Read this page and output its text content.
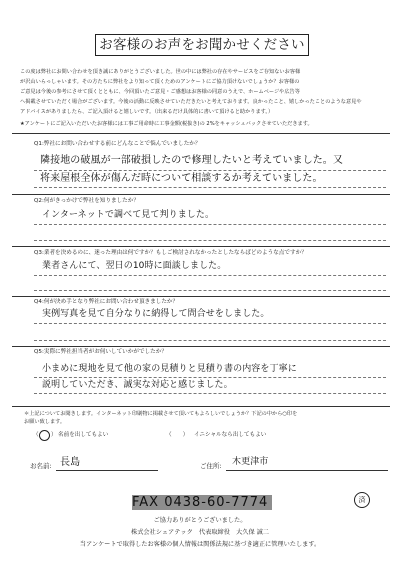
お客様のお声をお聞かせください
この度は弊社にお問い合わせを頂き誠にありがとうございました。世の中には弊社の存在やサービスをご存知ないお客様
が沢山いらっしゃいます。その方たちに弊社をより知って頂くためのアンケートにご協力頂けないでしょうか？お客様の
ご意見は今後の参考にさせて頂くとともに、今回頂いたご意見・ご感想はお客様の同意のうえで、ホームページや広告等
へ掲載させていただく場合がございます。今後の活動に反映させていただきたいと考えております。良かったこと、嬉しかったことのような意見や
アドバイスがありましたら、ご記入頂けると嬉しいです。（出来るだけ具体的に書いて頂けると助かります。）
★アンケートにご記入いただいたお客様には工事ご用命時に工事金額(税抜き)の 2%をキャッシュバックさせていただきます。
Q1:弊社にお問い合わせする前にどんなことで悩んでいましたか？
隣接地の破風が一部破損したので修理したいと考えていました。又
将来屋根全体が傷んだ時について相談するか考えていました。
Q2:何がきっかけで弊社を知りましたか？
インターネットで調べて見て判りました。
Q3:業者を決めるのに、迷った理由は何ですか？もしご検討されなかったとしたならばどのような点ですか？
業者さんにて、翌日の10時に面談しました。
Q4:何が決め手となり弊社にお問い合わせ頂きましたか？
実例写真を見て自分なりに納得して問合せをしました。
Q5:実際に弊社担当者がお伺いしていかがでしたか？
小まめに現地を見て他の家の見積りと見積り書の内容を丁寧に
説明していただき、誠実な対応と感じました。
＊上記についてお聞きします。インターネット印刷物に掲載させて頂いてもよろしいでしょうか？下記の中から○印を
お願い致します。
（ ） 名前を出してもよい	（　　） イニシャルなら出してもよい
お名前: 長島	ご住所: 木更津市
FAX 0438-60-7774	済
ご協力ありがとうございました。
株式会社シェアテック　代表取締役　大久保 誠二
当アンケートで取得したお客様の個人情報は関係法規に基づき適正に管理いたします。
